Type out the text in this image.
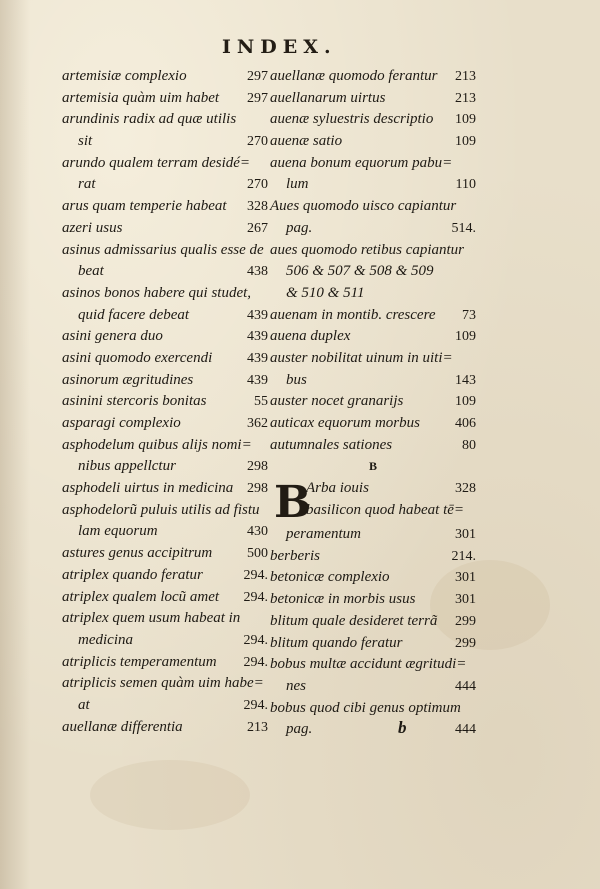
INDEX.
artemisiæ complexio	297
artemisia quàm uim habet 297
arundinis radix ad quæ utilis
sit	270
arundo qualem terram desidé=
rat	270
arus quam temperie habeat 328
azeri usus	267
asinus admissarius qualis esse de
beat	438
asinos bonos habere qui studet,
quid facere debeat	439
asini genera duo	439
asini quomodo exercendi 439
asinorum ægritudines	439
asinini stercoris bonitas	55
asparagi complexio	362
asphodelum quibus alijs nomi=
nibus appellctur	298
asphodeli uirtus in medicina 298
asphodelorũ puluis utilis ad fistu
lam equorum	430
astures genus accipitrum 500
atriplex quando feratur	294.
atriplex qualem locũ amet 294.
atriplex quem usum habeat in
medicina	294.
atriplicis temperamentum 294.
atriplicis semen quàm uim habe=
at	294.
auellanæ differentia	213
auellanæ quomodo ferantur 213
auellanarum uirtus	213
auenæ syluestris descriptio 109
auenæ satio	109
auena bonum equorum pabu=
lum	110
Aues quomodo uisco capiantur
pag.	514.
aues quomodo retibus capiantur
506 & 507 & 508 & 509
& 510 & 511
auenam in montib. crescere 73
auena duplex	109
auster nobilitat uinum in uiti=
bus	143
auster nocet granarijs	109
auticax equorum morbus	406
autumnales sationes	80
B
B
Arba iouis	328
basilicon quod habeat tē=
peramentum	301
berberis	214.
betonicæ complexio	301
betonicæ in morbis usus	301
blitum quale desideret terrã 299
blitum quando feratur	299
bobus multæ accidunt ægritudi=
nes	444
bobus quod cibi genus optimum
pag.	444
b
